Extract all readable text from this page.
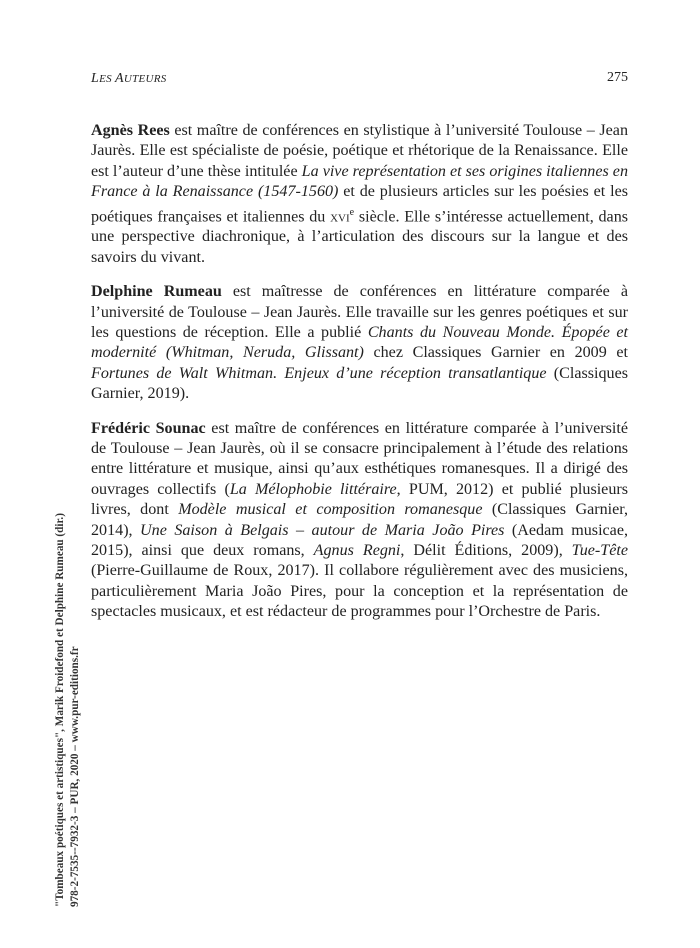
LES AUTEURS	275

Agnès Rees est maître de conférences en stylistique à l’université Toulouse – Jean Jaurès. Elle est spécialiste de poésie, poétique et rhétorique de la Renaissance. Elle est l’auteur d’une thèse intitulée La vive représentation et ses origines italiennes en France à la Renaissance (1547-1560) et de plusieurs articles sur les poésies et les poétiques françaises et italiennes du xvi$^e$ siècle. Elle s’intéresse actuellement, dans une perspective diachronique, à l’articulation des discours sur la langue et des savoirs du vivant.

Delphine Rumeau est maîtresse de conférences en littérature comparée à l’université de Toulouse – Jean Jaurès. Elle travaille sur les genres poétiques et sur les questions de réception. Elle a publié Chants du Nouveau Monde. Épopée et modernité (Whitman, Neruda, Glissant) chez Classiques Garnier en 2009 et Fortunes de Walt Whitman. Enjeux d’une réception transatlantique (Classiques Garnier, 2019).

Frédéric Sounac est maître de conférences en littérature comparée à l’université de Toulouse – Jean Jaurès, où il se consacre principalement à l’étude des relations entre littérature et musique, ainsi qu’aux esthétiques romanesques. Il a dirigé des ouvrages collectifs (La Mélophobie littéraire, PUM, 2012) et publié plusieurs livres, dont Modèle musical et composition romanesque (Classiques Garnier, 2014), Une Saison à Belgais – autour de Maria João Pires (Aedam musicae, 2015), ainsi que deux romans, Agnus Regni, Délit Éditions, 2009), Tue-Tête (Pierre-Guillaume de Roux, 2017). Il collabore régulièrement avec des musiciens, particulièrement Maria João Pires, pour la conception et la représentation de spectacles musicaux, et est rédacteur de programmes pour l’Orchestre de Paris.

"Tombeaux poétiques et artistiques", Marik Froidefond et Delphine Rumeau (dir.) 978-2-7535--7932-3 – PUR, 2020 – www.pur-editions.fr
